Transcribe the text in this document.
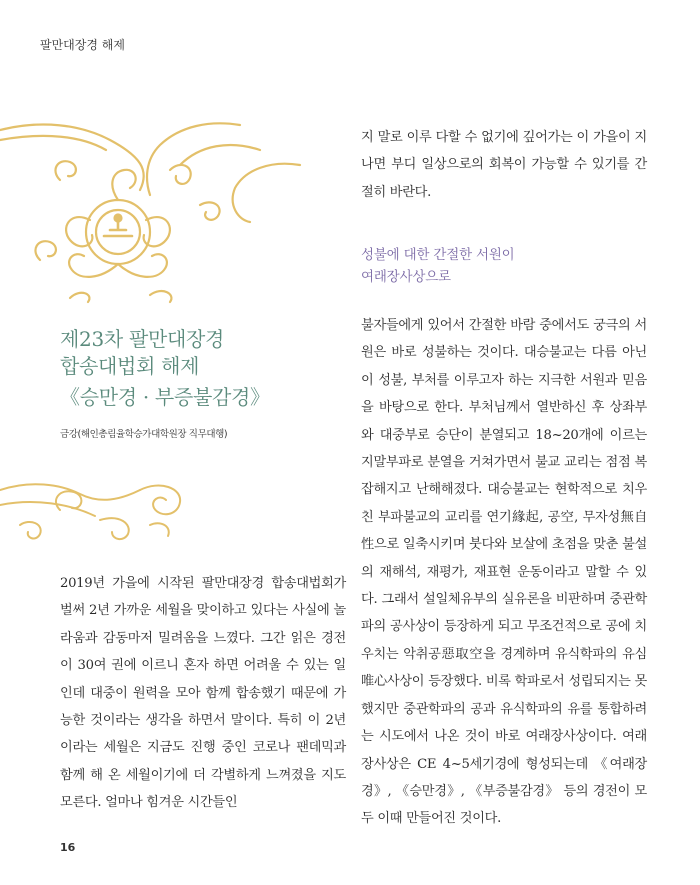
팔만대장경 해제
제23차 팔만대장경
합송대법회 해제
《승만경 · 부증불감경》
금강(해인총림율학승가대학원장 직무대행)

2019년 가을에 시작된 팔만대장경 합송대법회가 벌써 2년 가까운 세월을 맞이하고 있다는 사실에 놀라움과 감동마저 밀려옴을 느꼈다. 그간 읽은 경전이 30여 권에 이르니 혼자 하면 어려울 수 있는 일인데 대중이 원력을 모아 함께 합송했기 때문에 가능한 것이라는 생각을 하면서 말이다. 특히 이 2년이라는 세월은 지금도 진행 중인 코로나 팬데믹과 함께 해 온 세월이기에 더 각별하게 느껴졌을 지도 모른다. 얼마나 힘겨운 시간들인

지 말로 이루 다할 수 없기에 깊어가는 이 가을이 지나면 부디 일상으로의 회복이 가능할 수 있기를 간절히 바란다.

성불에 대한 간절한 서원이
여래장사상으로

불자들에게 있어서 간절한 바람 중에서도 궁극의 서원은 바로 성불하는 것이다. 대승불교는 다름 아닌 이 성불, 부처를 이루고자 하는 지극한 서원과 믿음을 바탕으로 한다. 부처님께서 열반하신 후 상좌부와 대중부로 승단이 분열되고 18~20개에 이르는 지말부파로 분열을 거쳐가면서 불교 교리는 점점 복잡해지고 난해해졌다. 대승불교는 현학적으로 치우친 부파불교의 교리를 연기緣起, 공空, 무자성無自性으로 일축시키며 붓다와 보살에 초점을 맞춘 불설의 재해석, 재평가, 재표현 운동이라고 말할 수 있다. 그래서 설일체유부의 실유론을 비판하며 중관학파의 공사상이 등장하게 되고 무조건적으로 공에 치우치는 악취공惡取空을 경계하며 유식학파의 유심唯心사상이 등장했다. 비록 학파로서 성립되지는 못했지만 중관학파의 공과 유식학파의 유를 통합하려는 시도에서 나온 것이 바로 여래장사상이다. 여래장사상은 CE 4~5세기경에 형성되는데 《여래장경》, 《승만경》, 《부증불감경》 등의 경전이 모두 이때 만들어진 것이다.

16
